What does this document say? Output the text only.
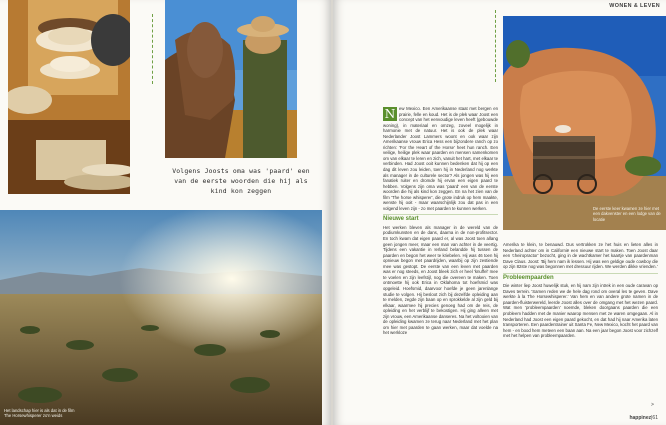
Volgens Joosts oma was 'paard' een van de eerste woorden die hij als kind kon zeggen
Het landschap hier is als dat in de film The Horsewhisperer zo'n weids
WONEN & LEVEN
De eerste keer kwamen ze hier met een dakvenster en een lodge van de locatie

N ew Mexico. Een Amerikaanse staat met bergen en prairie, felle en koud. Het is de plek waar Joost een concept van het eenvoudige leven heeft (gebouwde woning), in materiaal en omzeg, zoveel mogelijk in harmonie met de natuur. Het is ook de plek waar Nederlander Joost Lammers woont en ook waar zijn Amerikaanse vrouw Erica Hess een bijzondere ranch op zo richten: 'For the Heart of the Horse' heet hun ranch. Een veilige, heilige plek waar paarden en mensen samenkomen om van elkaar te leren en zich, vanuit het hart, met elkaar te verbinden. Had Joost ooit kunnen bedenken dat hij op een dag dit leven zou leiden, toen hij in Nederland nog werkte als manager in de culturele sector? Als jongen was hij een fanatiek ruiter en dromde hij ervan een eigen paard te hebben. Volgens zijn oma was 'paard' een van de eerste woorden die hij als kind kon zeggen. En na het zien van de film 'The horse whisperer', die grote indruk op hem maakte, wenste hij ooit - maar waarschijnlijk zou dat pas in een volgend leven zijn - zo met paarden te kunnen werken.

Nieuwe start

Het werken bleven als manager in de wereld van de podiumkunsten en de dans, daarna in de non-profitsector. En toch kwam dat eigen paard er, al was Joost toen allang geen jongen meer, maar een man van achter in de veertig. Tijdens een vakantie in Ierland belandde hij tussen de paarden en begon het weer te kriebelen. Hij was 46 toen hij opnieuw begon met paardrijden, waarbij op zijn zestiende mee was gestopt. De eerste van een leven met paarden was er nog steeds, en Joost bleek zich er heel 'knuffel' mee te voelen en zijn leefstijl, nog die overeen te maken. Toen ontmoette hij ook Erica in Oklahoma tot hoefsmid was opgeleid. Hoefsmid, daarvoor hoefde je geen jarenlange studie te volgen. Hij besloot zich bij dezelfde opleiding aan te melden, zegde zijn baan op en sprokkelde al zijn geld bij elkaar, waarmee hij precies genoeg had om de reis, de opleiding en het verblijf te bekostigen. Hij ging alleen met zijn vrouw, een Amerikaanse danseres. Na het voltooien van de opleiding kwamen ze terug naar Nederland met het plan om hier met paarden te gaan werken, maar dat voelde na het werkloze

Amerika te klein, te benauwd. Dus vertrokken ze het huis en lieten alles in Nederland achter om in Californië een nieuwe start te maken. Toen Joost daar een 'cheiropractor' bezocht, ging in de wachtkamer het kaartje van paardenman Dave Claus. Joost: 'Bij hem nam ik lessen. Hij was een geldige oude cowboy die op zijn 82ste nog was begonnen met dressuur rijden. We werden dikke vrienden.'

Probleempaarden

Die winter liep Joost huwelijk stuk, en hij nam zijn intrek in een oude caravan op Daves terrein. 'Samen reden we de hele dag rond om overal les te geven. Dave werkte à la The Horsewhisperer.' Van hem en van andere grote namen in de paarden-fluisterwereld, leerde Joost alles over de omgang met het wezen paard. Wat men 'probleempaarden' noemde, bleken doorgaans paarden die een probleem hadden met de manier waarop mensen met ze waren omgegaan. Al in Nederland had Joost een eigen paard gekocht, en dat had hij naar Amerika laten transporteren. Een paardentrainer uit Santa Fe, New Mexico, kocht het paard van hem - en bood hem meteen een baan aan. Na een jaar begon Joost voor zichzelf met het helpen van probleempaarden.

>
happinez|61
